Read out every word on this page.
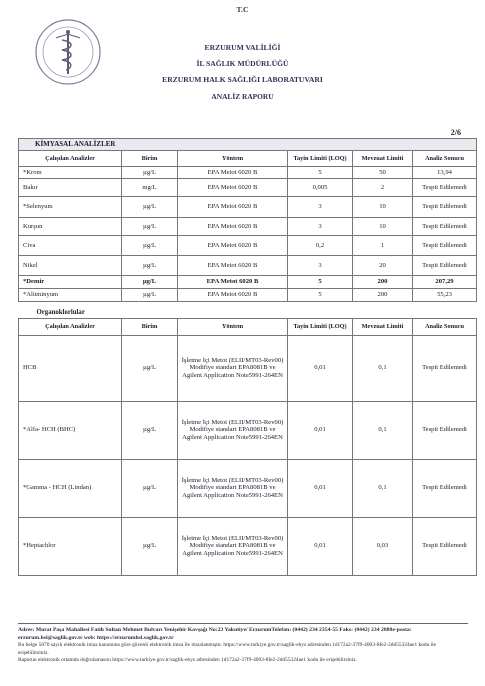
T.C
ERZURUM VALİLİĞİ
İL SAĞLIK MÜDÜRLÜĞÜ
ERZURUM HALK SAĞLIĞI LABORATUVARI
ANALİZ RAPORU
2/6
KİMYASAL ANALİZLER					
Çalışılan Analizler	Birim	Yöntem	Tayin Limiti (LOQ)	Mevzuat Limiti	Analiz Sonucu
*Krom	µg/L	EPA Metot 6020 B	5	50	13,94
Bakır	mg/L	EPA Metot 6020 B	0,005	2	Tespit Edilemedi
*Selenyum	µg/L	EPA Metot 6020 B	3	10	Tespit Edilemedi
Kurşun	µg/L	EPA Metot 6020 B	3	10	Tespit Edilemedi
Civa	µg/L	EPA Metot 6020 B	0,2	1	Tespit Edilemedi
Nikel	µg/L	EPA Metot 6020 B	3	20	Tespit Edilemedi
*Demir	µg/L	EPA Metot 6020 B	5	200	207,29
*Alüminyum	µg/L	EPA Metot 6020 B	5	200	55,23
Organoklorlular					
Çalışılan Analizler	Birim	Yöntem	Tayin Limiti (LOQ)	Mevzuat Limiti	Analiz Sonucu
HCB	µg/L	İşletme İçi Metot (ELII/MT03-Rev00) Modifiye standart EPA8081B ve Agilent Application Note5991-264EN	0,01	0,1	Tespit Edilemedi
*Alfa- HCH (BHC)	µg/L	İşletme İçi Metot (ELII/MT03-Rev00) Modifiye standart EPA8081B ve Agilent Application Note5991-264EN	0,01	0,1	Tespit Edilemedi
*Gamma - HCH (Lindan)	µg/L	İşletme İçi Metot (ELII/MT03-Rev00) Modifiye standart EPA8081B ve Agilent Application Note5991-264EN	0,01	0,1	Tespit Edilemedi
*Heptachlor	µg/L	İşletme İçi Metot (ELII/MT03-Rev00) Modifiye standart EPA8081B ve Agilent Application Note5991-264EN	0,01	0,03	Tespit Edilemedi
Adres: Murat Paşa Mahallesi Fatih Sultan Mehmet Bulvarı Yenişehir Kavşağı No:23 Yakutiye/ ErzurumTelefon: (0442) 234 2354-55 Faks: (0442) 234 2888e-posta: erzurum.hsl@saglik.gov.tr web: https://erzurumhsl.saglik.gov.tr
Bu belge 5070 sayılı elektronik imza kanununa göre güvenli elektronik imza ile imzalanmıştır. https://www.turkiye.gov.tr/saglik-ebys adresinden 1d172a2-37f9-4003-8fe2-2dd55324ae1 kodu ile erişebilirsiniz.
Raporun elektronik ortamda doğrulamasını https://www.turkiye.gov.tr/saglik-ebys adresinden 1d172a2-37f9-4003-8fe2-2dd55324ae1 kodu ile erişebilirsiniz.
